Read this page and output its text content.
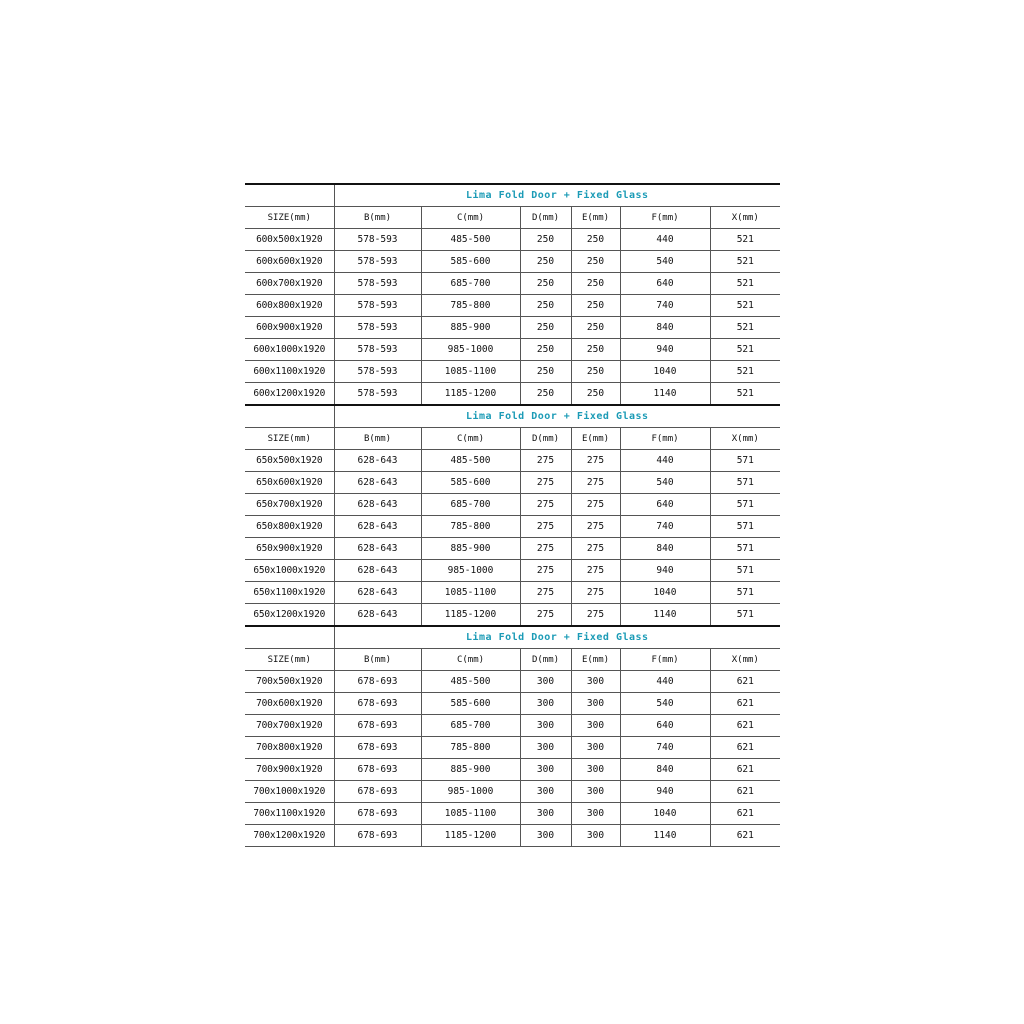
	Lima Fold Door + Fixed Glass					
SIZE(mm)	B(mm)	C(mm)	D(mm)	E(mm)	F(mm)	X(mm)
600x500x1920	578-593	485-500	250	250	440	521
600x600x1920	578-593	585-600	250	250	540	521
600x700x1920	578-593	685-700	250	250	640	521
600x800x1920	578-593	785-800	250	250	740	521
600x900x1920	578-593	885-900	250	250	840	521
600x1000x1920	578-593	985-1000	250	250	940	521
600x1100x1920	578-593	1085-1100	250	250	1040	521
600x1200x1920	578-593	1185-1200	250	250	1140	521
	Lima Fold Door + Fixed Glass					
SIZE(mm)	B(mm)	C(mm)	D(mm)	E(mm)	F(mm)	X(mm)
650x500x1920	628-643	485-500	275	275	440	571
650x600x1920	628-643	585-600	275	275	540	571
650x700x1920	628-643	685-700	275	275	640	571
650x800x1920	628-643	785-800	275	275	740	571
650x900x1920	628-643	885-900	275	275	840	571
650x1000x1920	628-643	985-1000	275	275	940	571
650x1100x1920	628-643	1085-1100	275	275	1040	571
650x1200x1920	628-643	1185-1200	275	275	1140	571
	Lima Fold Door + Fixed Glass					
SIZE(mm)	B(mm)	C(mm)	D(mm)	E(mm)	F(mm)	X(mm)
700x500x1920	678-693	485-500	300	300	440	621
700x600x1920	678-693	585-600	300	300	540	621
700x700x1920	678-693	685-700	300	300	640	621
700x800x1920	678-693	785-800	300	300	740	621
700x900x1920	678-693	885-900	300	300	840	621
700x1000x1920	678-693	985-1000	300	300	940	621
700x1100x1920	678-693	1085-1100	300	300	1040	621
700x1200x1920	678-693	1185-1200	300	300	1140	621
